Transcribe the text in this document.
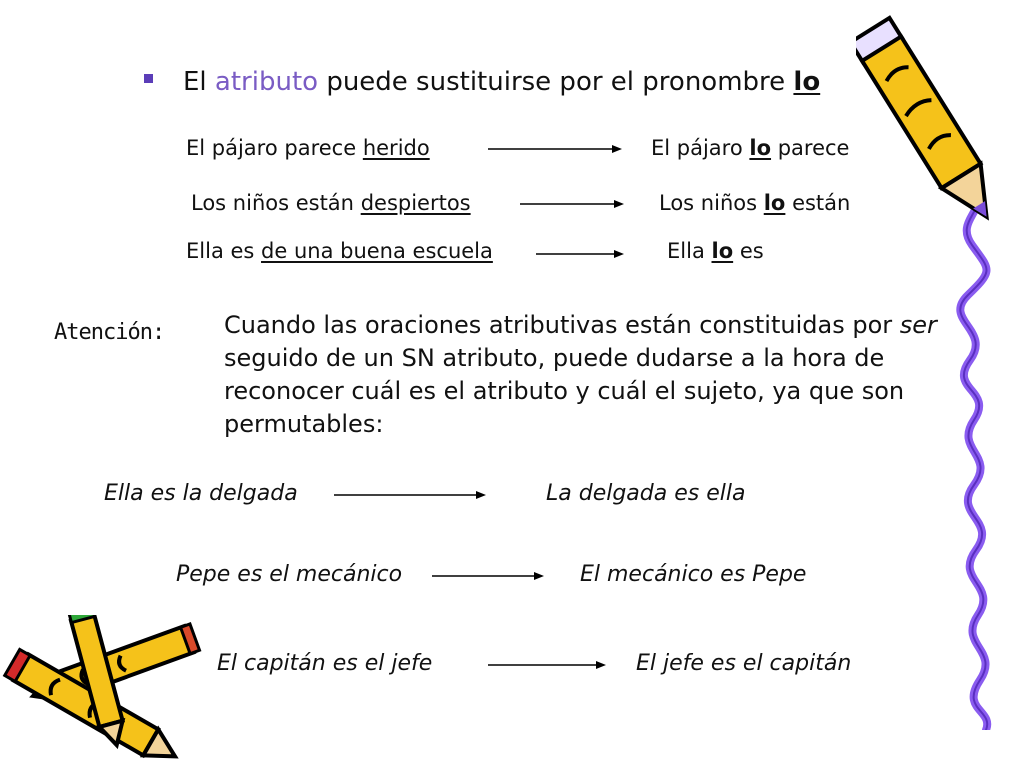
El atributo puede sustituirse por el pronombre lo
El pájaro parece herido	El pájaro lo parece
Los niños están despiertos	Los niños lo están
Ella es de una buena escuela	Ella lo es
Atención: Cuando las oraciones atributivas están constituidas por ser seguido de un SN atributo, puede dudarse a la hora de reconocer cuál es el atributo y cuál el sujeto, ya que son permutables:
Ella es la delgada	La delgada es ella
Pepe es el mecánico	El mecánico es Pepe
El capitán es el jefe	El jefe es el capitán
